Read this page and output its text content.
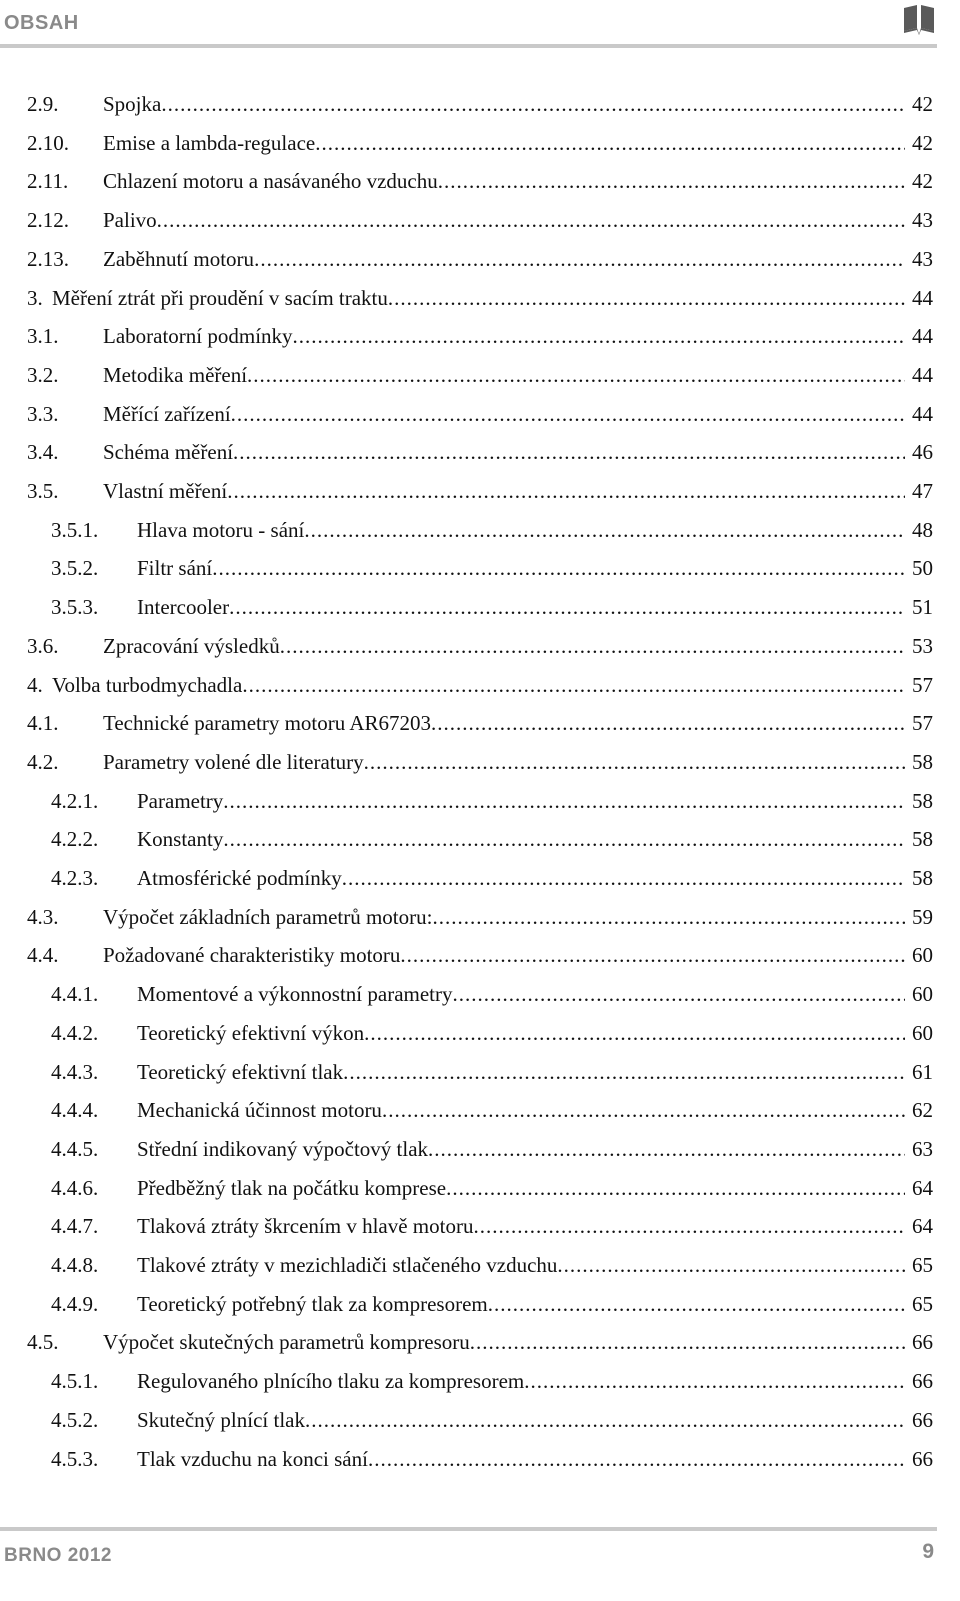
OBSAH
2.9. Spojka .....	42
2.10. Emise a lambda-regulace .....	42
2.11. Chlazení motoru a nasávaného vzduchu .....	42
2.12. Palivo .....	43
2.13. Zaběhnutí motoru .....	43
3. Měření ztrát při proudění v sacím traktu .....	44
3.1. Laboratorní podmínky .....	44
3.2. Metodika měření .....	44
3.3. Měřící zařízení .....	44
3.4. Schéma měření .....	46
3.5. Vlastní měření .....	47
3.5.1. Hlava motoru - sání .....	48
3.5.2. Filtr sání .....	50
3.5.3. Intercooler .....	51
3.6. Zpracování výsledků .....	53
4. Volba turbodmychadla .....	57
4.1. Technické parametry motoru AR67203 .....	57
4.2. Parametry volené dle literatury .....	58
4.2.1. Parametry .....	58
4.2.2. Konstanty .....	58
4.2.3. Atmosférické podmínky .....	58
4.3. Výpočet základních parametrů motoru: .....	59
4.4. Požadované charakteristiky motoru .....	60
4.4.1. Momentové a výkonnostní parametry .....	60
4.4.2. Teoretický efektivní výkon .....	60
4.4.3. Teoretický efektivní tlak .....	61
4.4.4. Mechanická účinnost motoru .....	62
4.4.5. Střední indikovaný výpočtový tlak .....	63
4.4.6. Předběžný tlak na počátku komprese .....	64
4.4.7. Tlaková ztráty škrcením v hlavě motoru .....	64
4.4.8. Tlakové ztráty v mezichladiči stlačeného vzduchu .....	65
4.4.9. Teoretický potřebný tlak za kompresorem .....	65
4.5. Výpočet skutečných parametrů kompresoru .....	66
4.5.1. Regulovaného plnícího tlaku za kompresorem .....	66
4.5.2. Skutečný plnící tlak .....	66
4.5.3. Tlak vzduchu na konci sání .....	66
BRNO 2012	9
